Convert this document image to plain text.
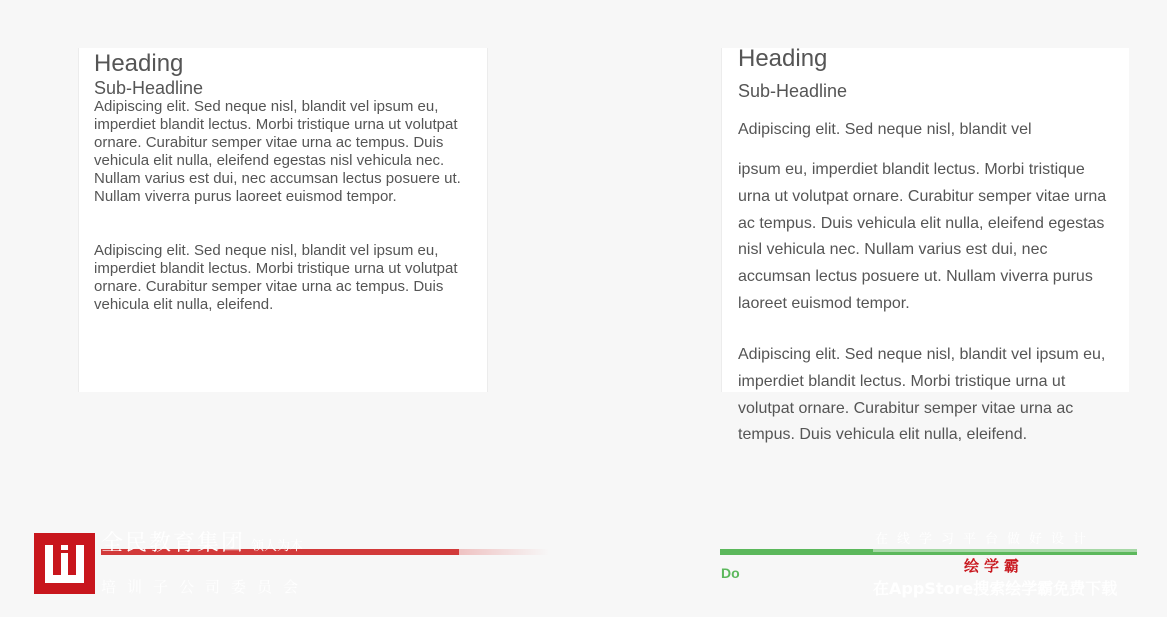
Heading
Sub-Headline

Adipiscing elit. Sed neque nisl, blandit vel ipsum eu, imperdiet blandit lectus. Morbi tristique urna ut volutpat ornare. Curabitur semper vitae urna ac tempus. Duis vehicula elit nulla, eleifend egestas nisl vehicula nec. Nullam varius est dui, nec accumsan lectus posuere ut. Nullam viverra purus laoreet euismod tempor.

Adipiscing elit. Sed neque nisl, blandit vel ipsum eu, imperdiet blandit lectus. Morbi tristique urna ut volutpat ornare. Curabitur semper vitae urna ac tempus. Duis vehicula elit nulla, eleifend.

Heading
Sub-Headline

Adipiscing elit. Sed neque nisl, blandit vel

ipsum eu, imperdiet blandit lectus. Morbi tristique urna ut volutpat ornare. Curabitur semper vitae urna ac tempus. Duis vehicula elit nulla, eleifend egestas nisl vehicula nec. Nullam varius est dui, nec accumsan lectus posuere ut. Nullam viverra purus laoreet euismod tempor.

Adipiscing elit. Sed neque nisl, blandit vel ipsum eu, imperdiet blandit lectus. Morbi tristique urna ut volutpat ornare. Curabitur semper vitae urna ac tempus. Duis vehicula elit nulla, eleifend.

全民教育集团 领人为本
培训子公司委员会
Do
在线学习平台做好设计
绘学霸
在AppStore搜索绘学霸免费下载
